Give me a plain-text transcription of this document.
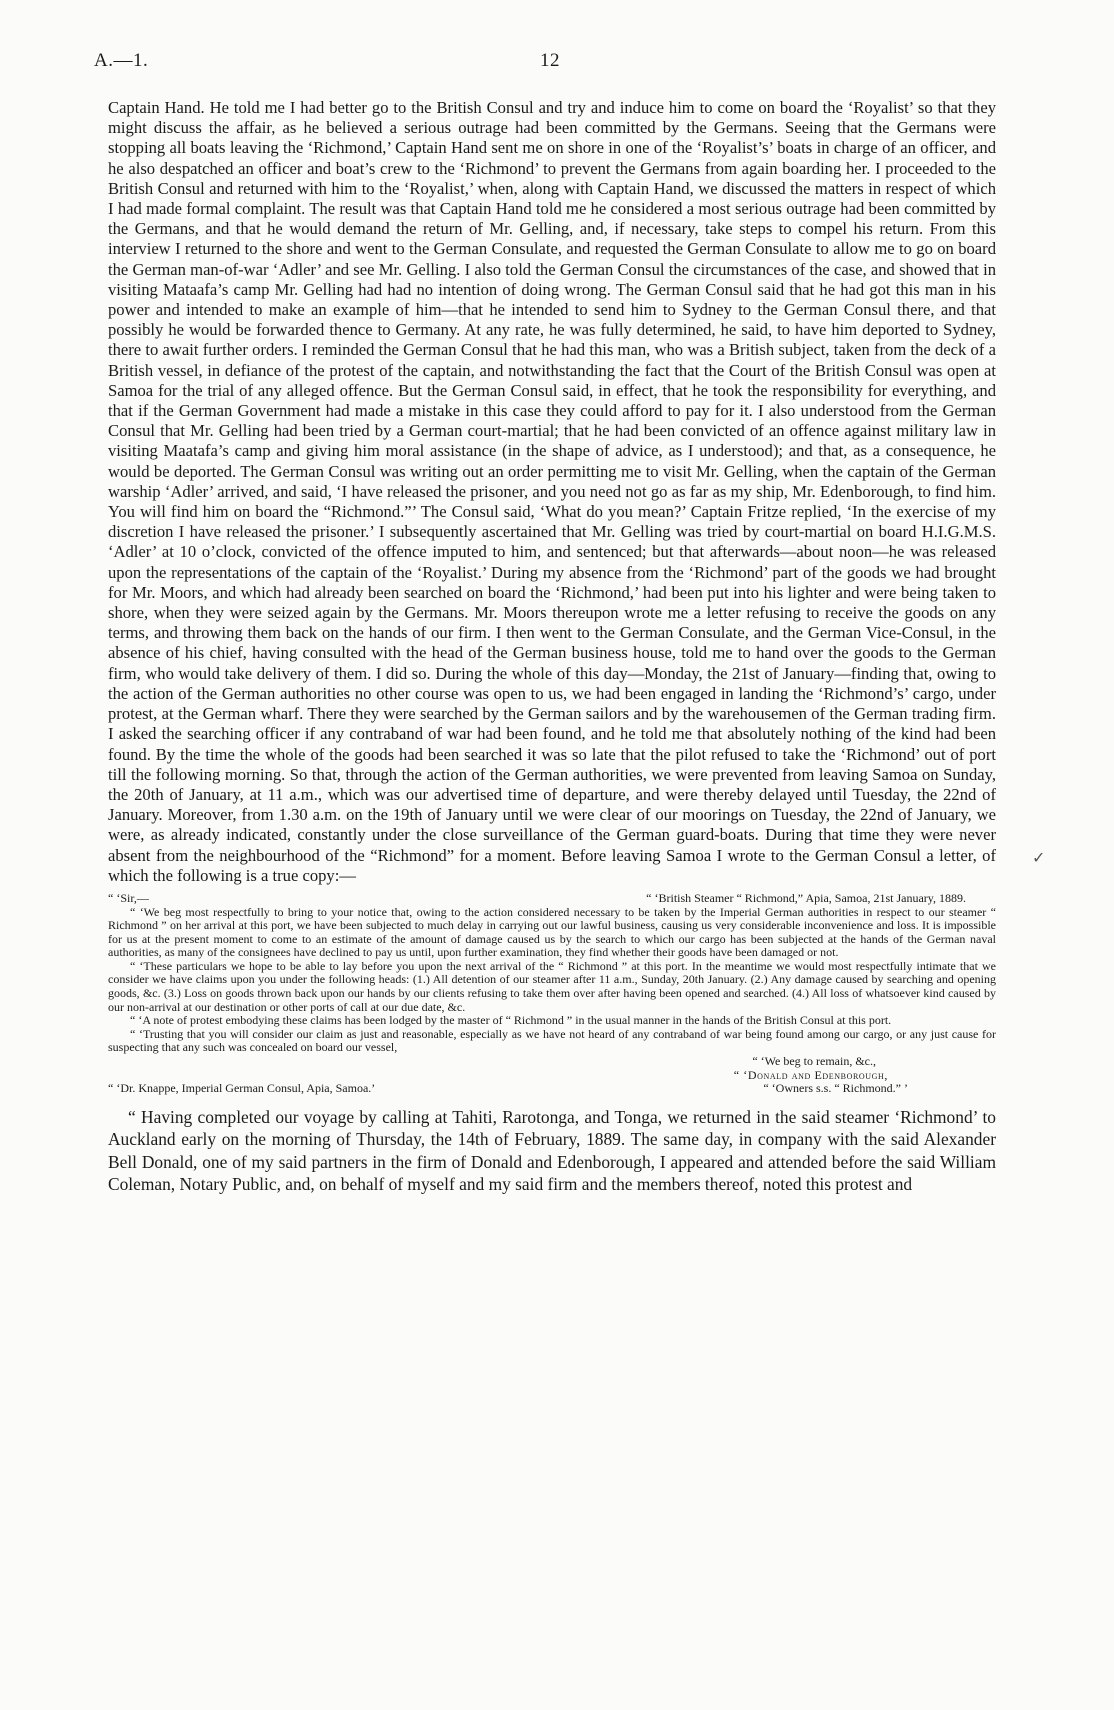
A.—1.	12

Captain Hand. He told me I had better go to the British Consul and try and induce him to come on board the ‘Royalist’ so that they might discuss the affair, as he believed a serious outrage had been committed by the Germans. Seeing that the Germans were stopping all boats leaving the ‘Richmond,’ Captain Hand sent me on shore in one of the ‘Royalist’s’ boats in charge of an officer, and he also despatched an officer and boat’s crew to the ‘Richmond’ to prevent the Germans from again boarding her. I proceeded to the British Consul and returned with him to the ‘Royalist,’ when, along with Captain Hand, we discussed the matters in respect of which I had made formal complaint. The result was that Captain Hand told me he considered a most serious outrage had been committed by the Germans, and that he would demand the return of Mr. Gelling, and, if necessary, take steps to compel his return. From this interview I returned to the shore and went to the German Consulate, and requested the German Consulate to allow me to go on board the German man-of-war ‘Adler’ and see Mr. Gelling. I also told the German Consul the circumstances of the case, and showed that in visiting Mataafa’s camp Mr. Gelling had had no intention of doing wrong. The German Consul said that he had got this man in his power and intended to make an example of him—that he intended to send him to Sydney to the German Consul there, and that possibly he would be forwarded thence to Germany. At any rate, he was fully determined, he said, to have him deported to Sydney, there to await further orders. I reminded the German Consul that he had this man, who was a British subject, taken from the deck of a British vessel, in defiance of the protest of the captain, and notwithstanding the fact that the Court of the British Consul was open at Samoa for the trial of any alleged offence. But the German Consul said, in effect, that he took the responsibility for everything, and that if the German Government had made a mistake in this case they could afford to pay for it. I also understood from the German Consul that Mr. Gelling had been tried by a German court-martial; that he had been convicted of an offence against military law in visiting Maatafa’s camp and giving him moral assistance (in the shape of advice, as I understood); and that, as a consequence, he would be deported. The German Consul was writing out an order permitting me to visit Mr. Gelling, when the captain of the German warship ‘Adler’ arrived, and said, ‘I have released the prisoner, and you need not go as far as my ship, Mr. Edenborough, to find him. You will find him on board the “Richmond.”’ The Consul said, ‘What do you mean?’ Captain Fritze replied, ‘In the exercise of my discretion I have released the prisoner.’ I subsequently ascertained that Mr. Gelling was tried by court-martial on board H.I.G.M.S. ‘Adler’ at 10 o’clock, convicted of the offence imputed to him, and sentenced; but that afterwards—about noon—he was released upon the representations of the captain of the ‘Royalist.’ During my absence from the ‘Richmond’ part of the goods we had brought for Mr. Moors, and which had already been searched on board the ‘Richmond,’ had been put into his lighter and were being taken to shore, when they were seized again by the Germans. Mr. Moors thereupon wrote me a letter refusing to receive the goods on any terms, and throwing them back on the hands of our firm. I then went to the German Consulate, and the German Vice-Consul, in the absence of his chief, having consulted with the head of the German business house, told me to hand over the goods to the German firm, who would take delivery of them. I did so. During the whole of this day—Monday, the 21st of January—finding that, owing to the action of the German authorities no other course was open to us, we had been engaged in landing the ‘Richmond’s’ cargo, under protest, at the German wharf. There they were searched by the German sailors and by the warehousemen of the German trading firm. I asked the searching officer if any contraband of war had been found, and he told me that absolutely nothing of the kind had been found. By the time the whole of the goods had been searched it was so late that the pilot refused to take the ‘Richmond’ out of port till the following morning. So that, through the action of the German authorities, we were prevented from leaving Samoa on Sunday, the 20th of January, at 11 a.m., which was our advertised time of departure, and were thereby delayed until Tuesday, the 22nd of January. Moreover, from 1.30 a.m. on the 19th of January until we were clear of our moorings on Tuesday, the 22nd of January, we were, as already indicated, constantly under the close surveillance of the German guard-boats. During that time they were never absent from the neighbourhood of the “Richmond” for a moment. Before leaving Samoa I wrote to the German Consul a letter, of which the following is a true copy:—

“ ‘Sir,—	“ ‘British Steamer “ Richmond,” Apia, Samoa, 21st January, 1889.

“ ‘We beg most respectfully to bring to your notice that, owing to the action considered necessary to be taken by the Imperial German authorities in respect to our steamer “ Richmond ” on her arrival at this port, we have been subjected to much delay in carrying out our lawful business, causing us very considerable inconvenience and loss. It is impossible for us at the present moment to come to an estimate of the amount of damage caused us by the search to which our cargo has been subjected at the hands of the German naval authorities, as many of the consignees have declined to pay us until, upon further examination, they find whether their goods have been damaged or not.

“ ‘These particulars we hope to be able to lay before you upon the next arrival of the “ Richmond ” at this port. In the meantime we would most respectfully intimate that we consider we have claims upon you under the following heads: (1.) All detention of our steamer after 11 a.m., Sunday, 20th January. (2.) Any damage caused by searching and opening goods, &c. (3.) Loss on goods thrown back upon our hands by our clients refusing to take them over after having been opened and searched. (4.) All loss of whatsoever kind caused by our non-arrival at our destination or other ports of call at our due date, &c.

“ ‘A note of protest embodying these claims has been lodged by the master of “ Richmond ” in the usual manner in the hands of the British Consul at this port.

“ ‘Trusting that you will consider our claim as just and reasonable, especially as we have not heard of any contraband of war being found among our cargo, or any just cause for suspecting that any such was concealed on board our vessel,

“ ‘We beg to remain, &c.,
“ ‘Donald and Edenborough,
“ ‘Dr. Knappe, Imperial German Consul, Apia, Samoa.’	“ ‘Owners s.s. “ Richmond.” ’

“ Having completed our voyage by calling at Tahiti, Rarotonga, and Tonga, we returned in the said steamer ‘Richmond’ to Auckland early on the morning of Thursday, the 14th of February, 1889. The same day, in company with the said Alexander Bell Donald, one of my said partners in the firm of Donald and Edenborough, I appeared and attended before the said William Coleman, Notary Public, and, on behalf of myself and my said firm and the members thereof, noted this protest and

✓
